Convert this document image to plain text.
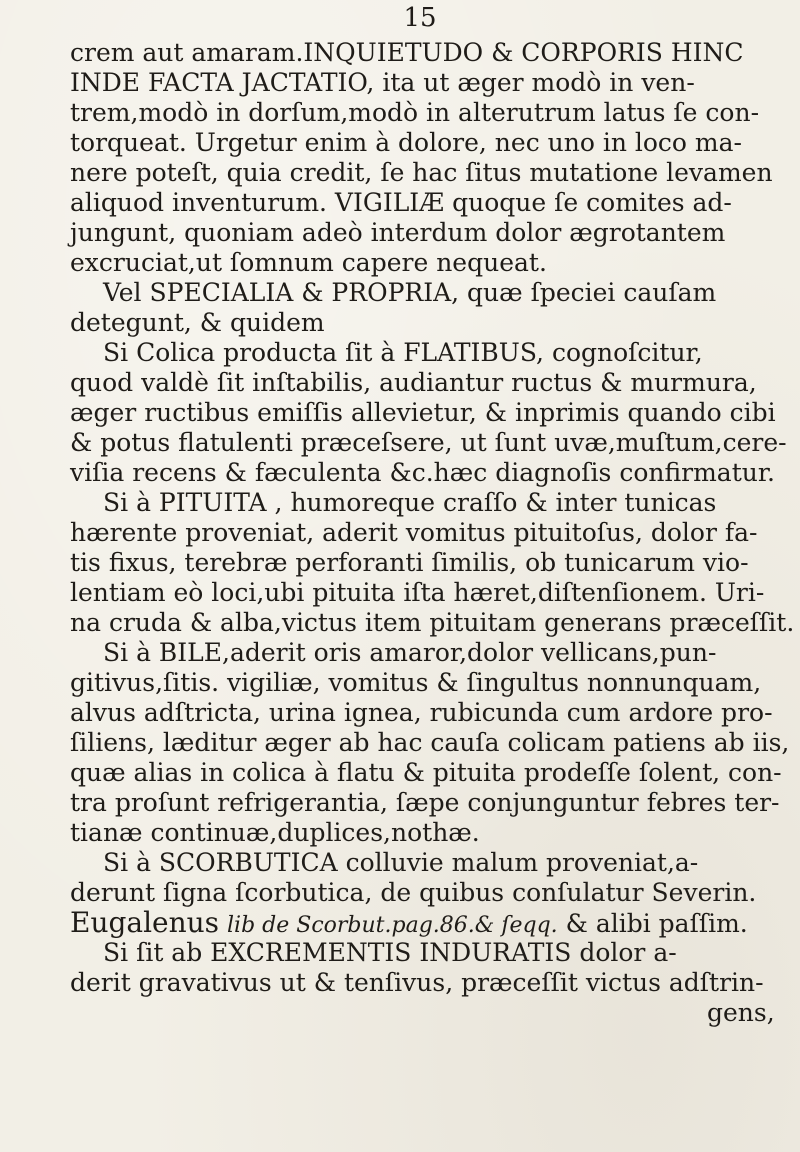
15
crem aut amaram.INQUIETUDO & CORPORIS HINC
INDE FACTA JACTATIO, ita ut æger modò in ven-
trem,modò in dorſum,modò in alterutrum latus ſe con-
torqueat. Urgetur enim à dolore, nec uno in loco ma-
nere poteſt, quia credit, ſe hac ſitus mutatione levamen
aliquod inventurum. VIGILIÆ quoque ſe comites ad-
jungunt, quoniam adeò interdum dolor ægrotantem
excruciat,ut ſomnum capere nequeat.
Vel SPECIALIA & PROPRIA, quæ ſpeciei cauſam
detegunt, & quidem
Si Colica producta ſit à FLATIBUS, cognoſcitur,
quod valdè ſit inſtabilis, audiantur ructus & murmura,
æger ructibus emiſſis allevietur, & inprimis quando cibi
& potus flatulenti præceſsere, ut ſunt uvæ,muſtum,cere-
viſia recens & fæculenta &c.hæc diagnoſis confirmatur.
Si à PITUITA , humoreque craſſo & inter tunicas
hærente proveniat, aderit vomitus pituitoſus, dolor fa-
tis fixus, terebræ perforanti ſimilis, ob tunicarum vio-
lentiam eò loci,ubi pituita iſta hæret,diſtenſionem. Uri-
na cruda & alba,victus item pituitam generans præceſſit.
Si à BILE,aderit oris amaror,dolor vellicans,pun-
gitivus,ſitis. vigiliæ, vomitus & ſingultus nonnunquam,
alvus adſtricta, urina ignea, rubicunda cum ardore pro-
ſiliens, læditur æger ab hac cauſa colicam patiens ab iis,
quæ alias in colica à flatu & pituita prodeſſe ſolent, con-
tra proſunt refrigerantia, ſæpe conjunguntur febres ter-
tianæ continuæ,duplices,nothæ.
Si à SCORBUTICA colluvie malum proveniat,a-
derunt ſigna ſcorbutica, de quibus conſulatur Severin.
Eugalenus lib de Scorbut.pag.86.& ſeqq. & alibi paſſim.
Si ſit ab EXCREMENTIS INDURATIS dolor a-
derit gravativus ut & tenſivus, præceſſit victus adſtrin-
gens,
